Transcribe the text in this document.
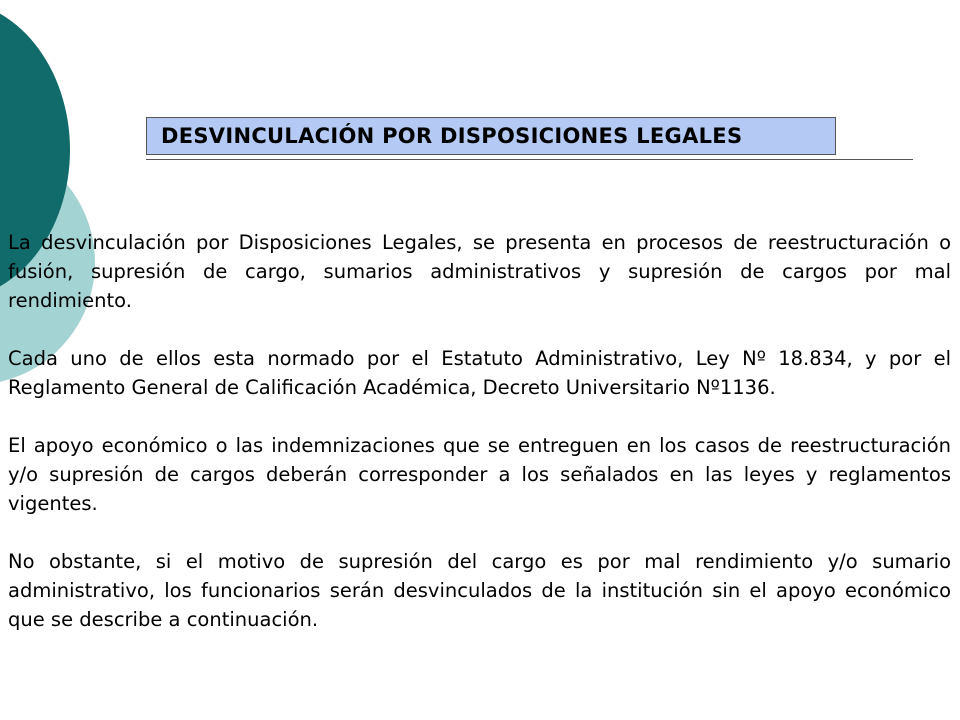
DESVINCULACIÓN POR DISPOSICIONES LEGALES

La desvinculación por Disposiciones Legales, se presenta en procesos de reestructuración o fusión, supresión de cargo, sumarios administrativos y supresión de cargos por mal rendimiento.

Cada uno de ellos esta normado por el Estatuto Administrativo, Ley Nº 18.834, y por el Reglamento General de Calificación Académica, Decreto Universitario Nº1136.

El apoyo económico o las indemnizaciones que se entreguen en los casos de reestructuración y/o supresión de cargos deberán corresponder a los señalados en las leyes y reglamentos vigentes.

No obstante, si el motivo de supresión del cargo es por mal rendimiento y/o sumario administrativo, los funcionarios serán desvinculados de la institución sin el apoyo económico que se describe a continuación.
